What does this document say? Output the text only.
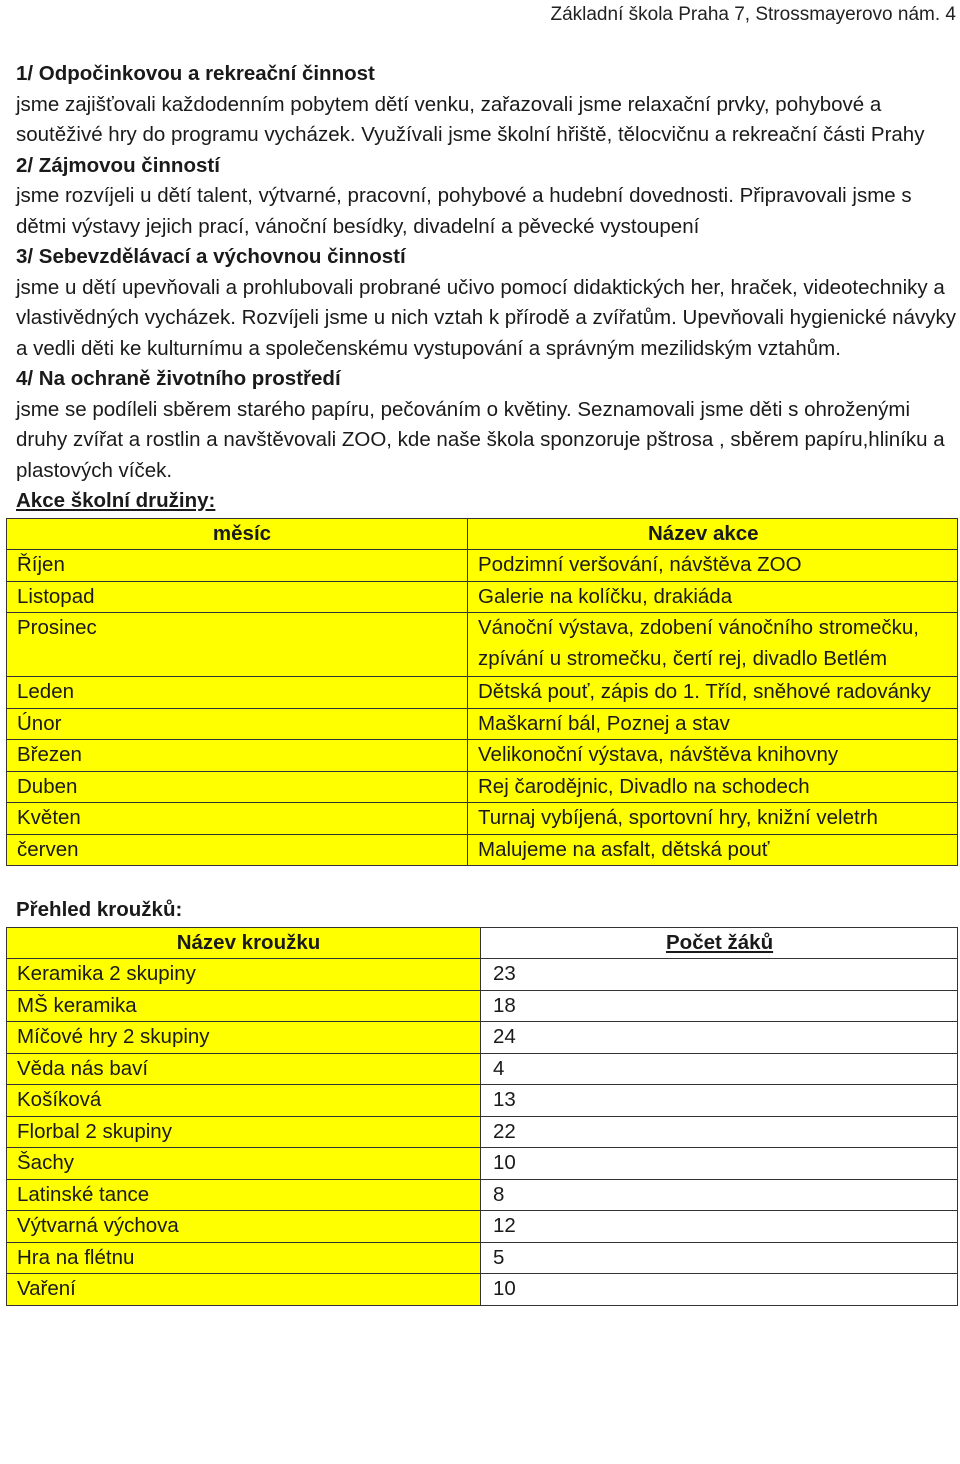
Základní škola Praha 7, Strossmayerovo nám. 4
1/ Odpočinkovou a rekreační činnost
jsme zajišťovali každodenním pobytem dětí venku, zařazovali jsme relaxační prvky, pohybové a soutěživé hry do programu vycházek. Využívali jsme školní hřiště, tělocvičnu a rekreační části Prahy
2/ Zájmovou činností
jsme rozvíjeli u dětí talent, výtvarné, pracovní, pohybové a hudební dovednosti. Připravovali jsme s dětmi výstavy jejich prací, vánoční besídky, divadelní a pěvecké vystoupení
3/ Sebevzdělávací a výchovnou činností
jsme u dětí upevňovali a prohlubovali probrané učivo pomocí didaktických her, hraček, videotechniky a vlastivědných vycházek. Rozvíjeli jsme u nich vztah k přírodě a zvířatům. Upevňovali hygienické návyky a vedli děti ke kulturnímu a společenskému vystupování a správným mezilidským vztahům.
4/ Na ochraně životního prostředí
jsme se podíleli sběrem starého papíru, pečováním o květiny. Seznamovali jsme děti s ohroženými druhy zvířat a rostlin a navštěvovali ZOO, kde naše škola sponzoruje pštrosa , sběrem papíru,hliníku a plastových víček.
Akce školní družiny:
měsíc	Název akce
Říjen	Podzimní veršování, návštěva ZOO
Listopad	Galerie na kolíčku, drakiáda
Prosinec	Vánoční výstava, zdobení vánočního stromečku, zpívání u stromečku, čertí rej, divadlo Betlém
Leden	Dětská pouť, zápis do 1. Tříd, sněhové radovánky
Únor	Maškarní bál, Poznej a stav
Březen	Velikonoční výstava, návštěva knihovny
Duben	Rej čarodějnic, Divadlo na schodech
Květen	Turnaj vybíjená, sportovní hry, knižní veletrh
červen	Malujeme na asfalt, dětská pouť
Přehled kroužků:
Název kroužku	Počet žáků
Keramika 2 skupiny	23
MŠ keramika	18
Míčové hry 2 skupiny	24
Věda nás baví	4
Košíková	13
Florbal 2 skupiny	22
Šachy	10
Latinské tance	8
Výtvarná výchova	12
Hra na flétnu	5
Vaření	10
